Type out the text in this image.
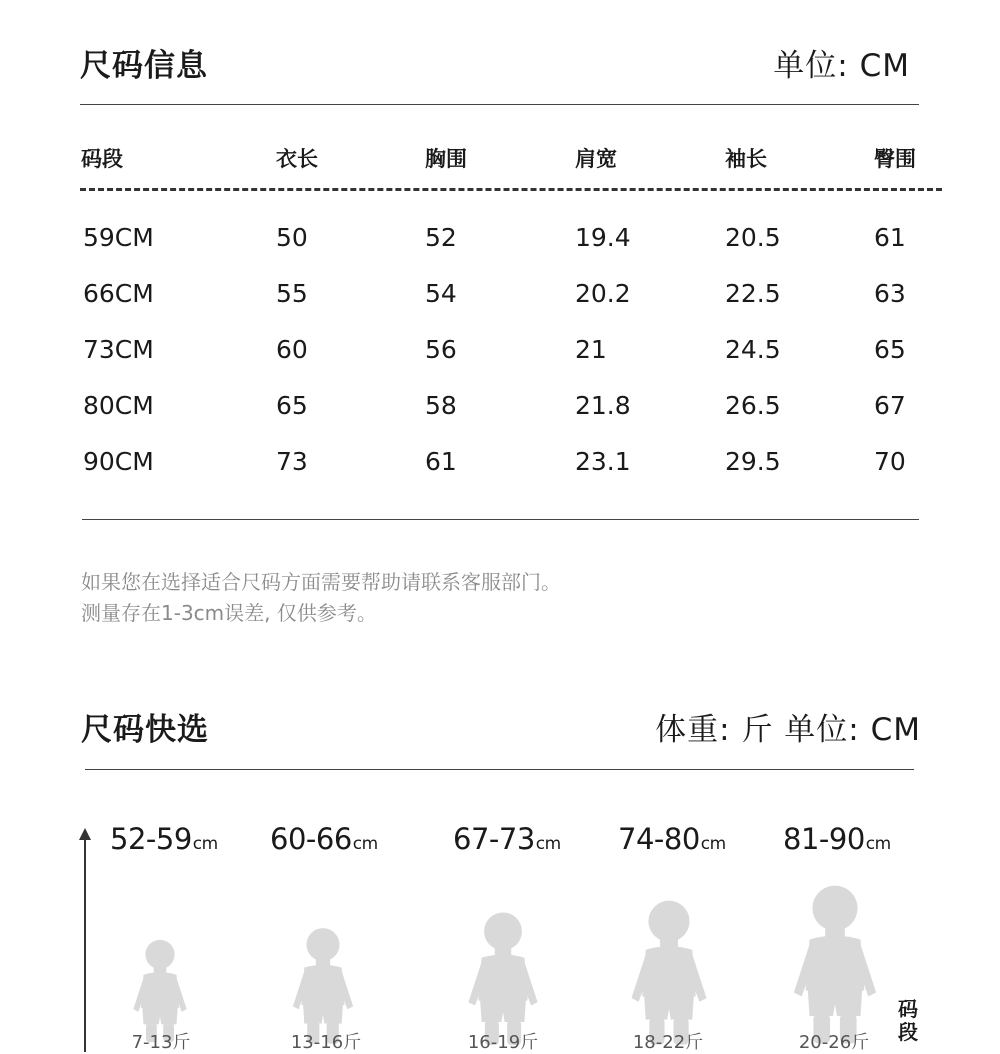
尺码信息	单位: CM
码段	衣长	胸围	肩宽	袖长	臀围
59CM	50	52	19.4	20.5	61
66CM	55	54	20.2	22.5	63
73CM	60	56	21	24.5	65
80CM	65	58	21.8	26.5	67
90CM	73	61	23.1	29.5	70
如果您在选择适合尺码方面需要帮助请联系客服部门。
测量存在1-3cm误差, 仅供参考。
尺码快选	体重: 斤 单位: CM
52-59cm 60-66cm	67-73cm 74-80cm 81-90cm
7-13斤	13-16斤	16-19斤	18-22斤	20-26斤
码段
